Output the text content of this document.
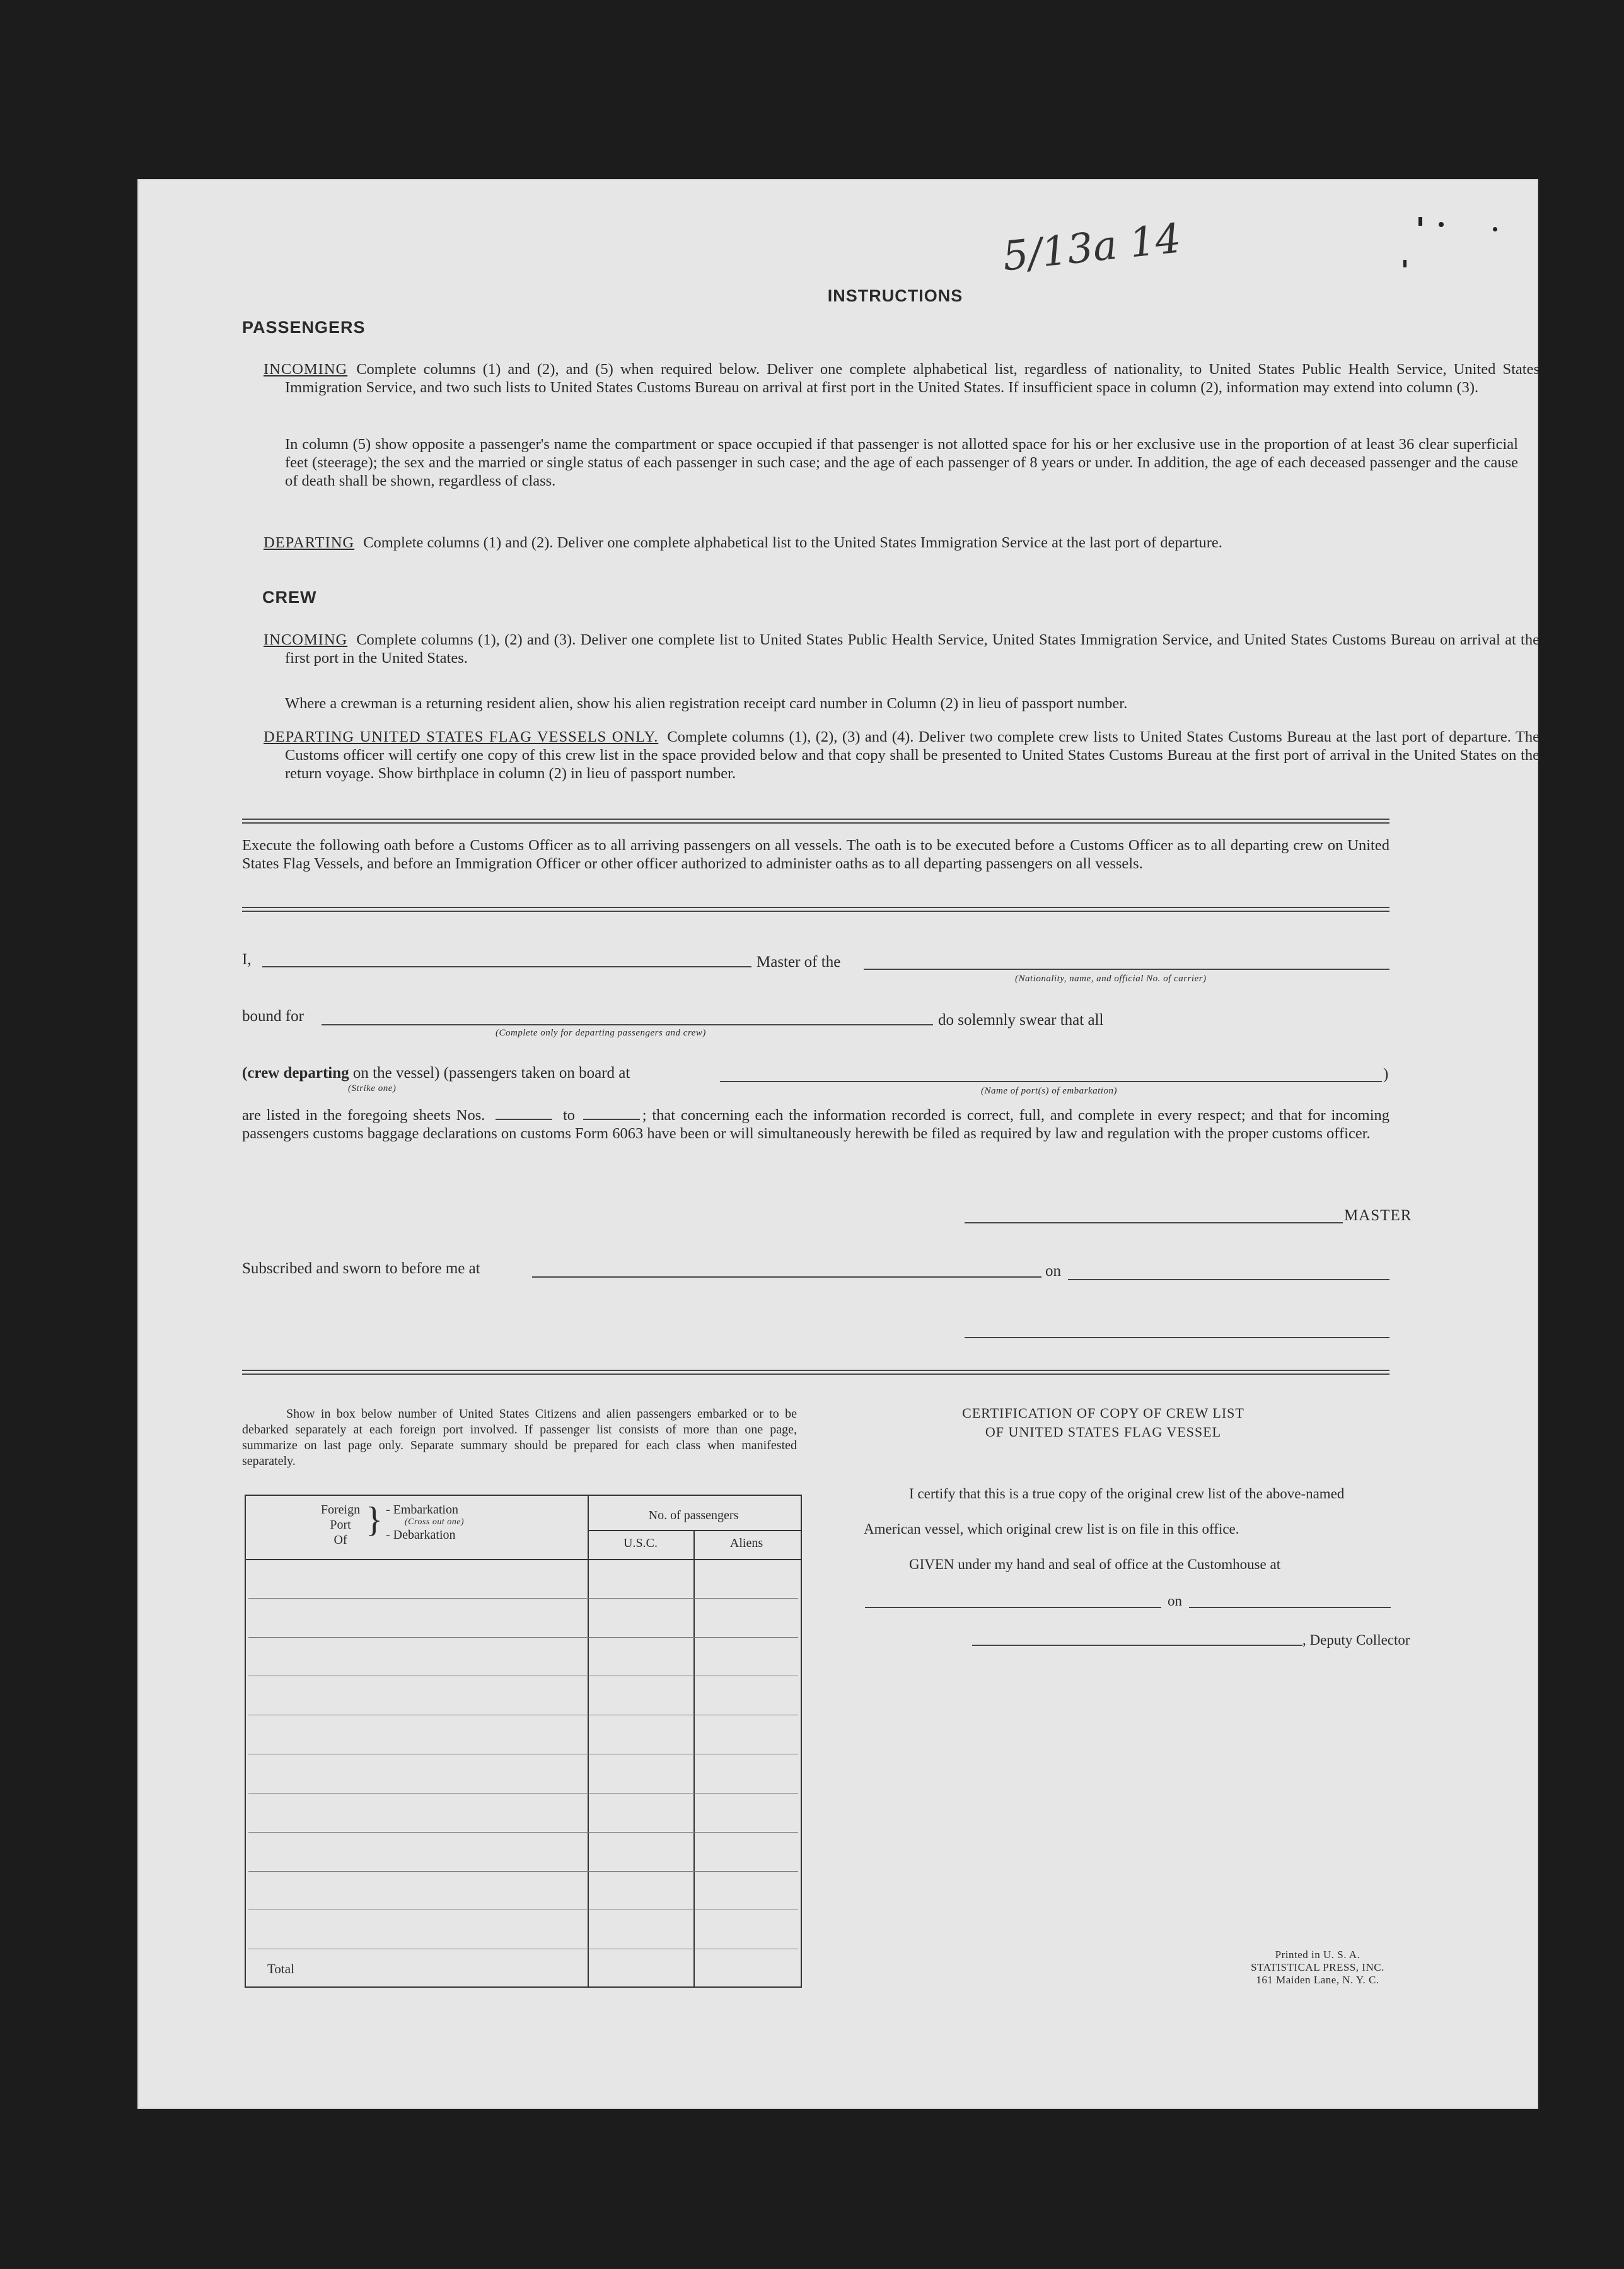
5/13a 14
INSTRUCTIONS
PASSENGERS
INCOMING Complete columns (1) and (2), and (5) when required below. Deliver one complete alphabetical list, regardless of nationality, to United States Public Health Service, United States Immigration Service, and two such lists to United States Customs Bureau on arrival at first port in the United States. If insufficient space in column (2), information may extend into column (3).
In column (5) show opposite a passenger's name the compartment or space occupied if that passenger is not allotted space for his or her exclusive use in the proportion of at least 36 clear superficial feet (steerage); the sex and the married or single status of each passenger in such case; and the age of each passenger of 8 years or under. In addition, the age of each deceased passenger and the cause of death shall be shown, regardless of class.
DEPARTING Complete columns (1) and (2). Deliver one complete alphabetical list to the United States Immigration Service at the last port of departure.
CREW
INCOMING Complete columns (1), (2) and (3). Deliver one complete list to United States Public Health Service, United States Immigration Service, and United States Customs Bureau on arrival at the first port in the United States.
Where a crewman is a returning resident alien, show his alien registration receipt card number in Column (2) in lieu of passport number.
DEPARTING UNITED STATES FLAG VESSELS ONLY. Complete columns (1), (2), (3) and (4). Deliver two complete crew lists to United States Customs Bureau at the last port of departure. The Customs officer will certify one copy of this crew list in the space provided below and that copy shall be presented to United States Customs Bureau at the first port of arrival in the United States on the return voyage. Show birthplace in column (2) in lieu of passport number.
Execute the following oath before a Customs Officer as to all arriving passengers on all vessels. The oath is to be executed before a Customs Officer as to all departing crew on United States Flag Vessels, and before an Immigration Officer or other officer authorized to administer oaths as to all departing passengers on all vessels.
I,	Master of the
(Nationality, name, and official No. of carrier)
bound for
(Complete only for departing passengers and crew)
do solemnly swear that all
(crew departing on the vessel) (passengers taken on board at
(Strike one)
)
(Name of port(s) of embarkation)
are listed in the foregoing sheets Nos.	to	; that concerning each the information recorded is correct, full, and complete in every respect; and that for incoming passengers customs baggage declarations on customs Form 6063 have been or will simultaneously herewith be filed as required by law and regulation with the proper customs officer.
MASTER
Subscribed and sworn to before me at	on
Show in box below number of United States Citizens and alien passengers embarked or to be debarked separately at each foreign port involved. If passenger list consists of more than one page, summarize on last page only. Separate summary should be prepared for each class when manifested separately.
Foreign
Port
Of
} - Embarkation
(Cross out one)
- Debarkation
No. of passengers
U.S.C.	Aliens
Total
CERTIFICATION OF COPY OF CREW LIST
OF UNITED STATES FLAG VESSEL
I certify that this is a true copy of the original crew list of the above-named
American vessel, which original crew list is on file in this office.
GIVEN under my hand and seal of office at the Customhouse at
on
, Deputy Collector
Printed in U. S. A.
STATISTICAL PRESS, INC.
161 Maiden Lane, N. Y. C.
